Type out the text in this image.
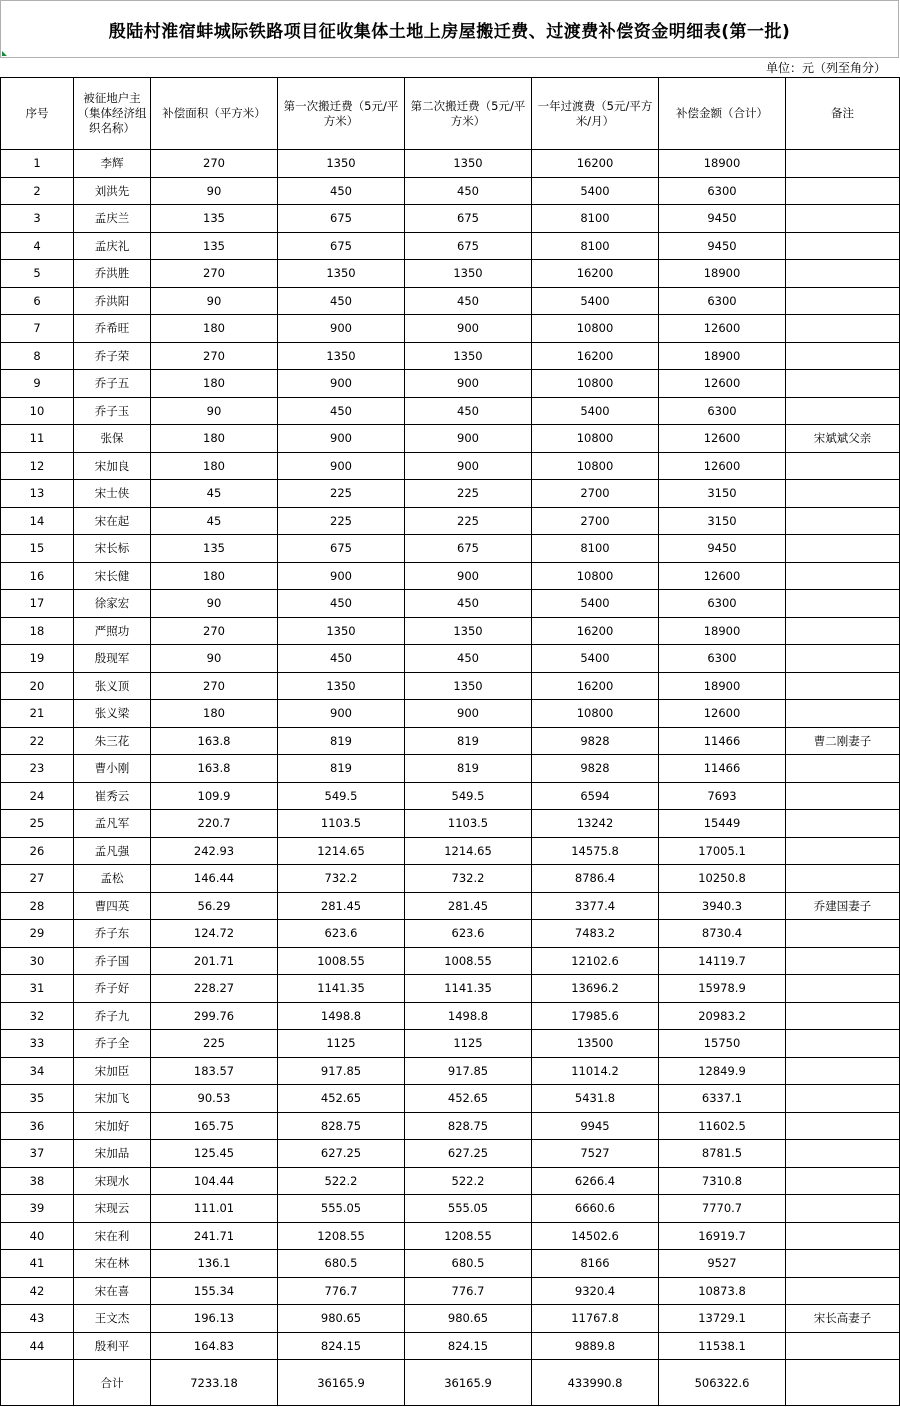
殷陆村淮宿蚌城际铁路项目征收集体土地上房屋搬迁费、过渡费补偿资金明细表(第一批)
单位：元（列至角分）
序号	被征地户主（集体经济组织名称）	补偿面积（平方米）	第一次搬迁费（5元/平方米）	第二次搬迁费（5元/平方米）	一年过渡费（5元/平方米/月）	补偿金额（合计）	备注
1	李辉	270	1350	1350	16200	18900	
2	刘洪先	90	450	450	5400	6300	
3	孟庆兰	135	675	675	8100	9450	
4	孟庆礼	135	675	675	8100	9450	
5	乔洪胜	270	1350	1350	16200	18900	
6	乔洪阳	90	450	450	5400	6300	
7	乔希旺	180	900	900	10800	12600	
8	乔子荣	270	1350	1350	16200	18900	
9	乔子五	180	900	900	10800	12600	
10	乔子玉	90	450	450	5400	6300	
11	张保	180	900	900	10800	12600	宋斌斌父亲
12	宋加良	180	900	900	10800	12600	
13	宋士侠	45	225	225	2700	3150	
14	宋在起	45	225	225	2700	3150	
15	宋长标	135	675	675	8100	9450	
16	宋长健	180	900	900	10800	12600	
17	徐家宏	90	450	450	5400	6300	
18	严照功	270	1350	1350	16200	18900	
19	殷现军	90	450	450	5400	6300	
20	张义顶	270	1350	1350	16200	18900	
21	张义梁	180	900	900	10800	12600	
22	朱三花	163.8	819	819	9828	11466	曹二刚妻子
23	曹小刚	163.8	819	819	9828	11466	
24	崔秀云	109.9	549.5	549.5	6594	7693	
25	孟凡军	220.7	1103.5	1103.5	13242	15449	
26	孟凡强	242.93	1214.65	1214.65	14575.8	17005.1	
27	孟松	146.44	732.2	732.2	8786.4	10250.8	
28	曹四英	56.29	281.45	281.45	3377.4	3940.3	乔建国妻子
29	乔子东	124.72	623.6	623.6	7483.2	8730.4	
30	乔子国	201.71	1008.55	1008.55	12102.6	14119.7	
31	乔子好	228.27	1141.35	1141.35	13696.2	15978.9	
32	乔子九	299.76	1498.8	1498.8	17985.6	20983.2	
33	乔子全	225	1125	1125	13500	15750	
34	宋加臣	183.57	917.85	917.85	11014.2	12849.9	
35	宋加飞	90.53	452.65	452.65	5431.8	6337.1	
36	宋加好	165.75	828.75	828.75	9945	11602.5	
37	宋加品	125.45	627.25	627.25	7527	8781.5	
38	宋现水	104.44	522.2	522.2	6266.4	7310.8	
39	宋现云	111.01	555.05	555.05	6660.6	7770.7	
40	宋在利	241.71	1208.55	1208.55	14502.6	16919.7	
41	宋在林	136.1	680.5	680.5	8166	9527	
42	宋在喜	155.34	776.7	776.7	9320.4	10873.8	
43	王文杰	196.13	980.65	980.65	11767.8	13729.1	宋长高妻子
44	殷利平	164.83	824.15	824.15	9889.8	11538.1	
	合计	7233.18	36165.9	36165.9	433990.8	506322.6	
